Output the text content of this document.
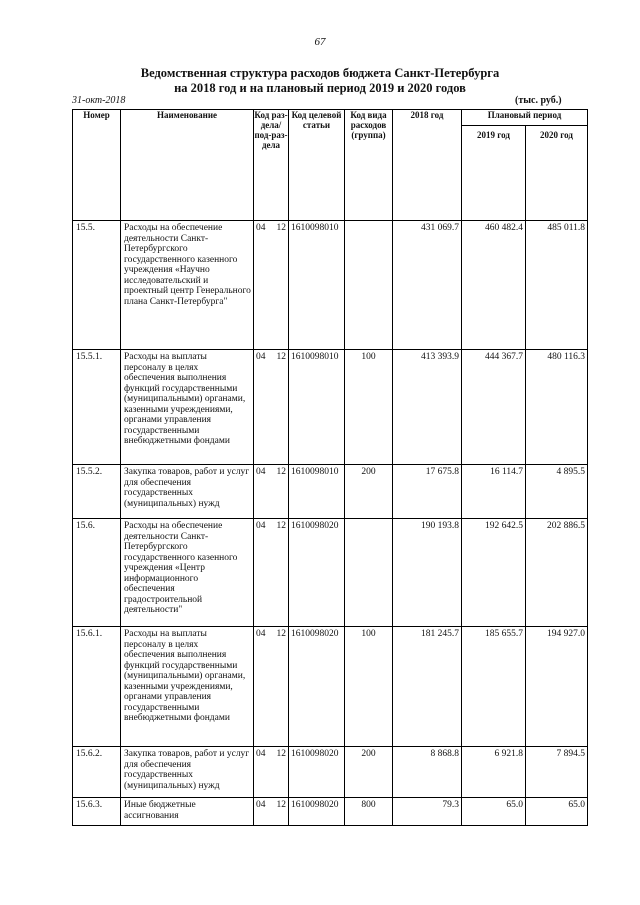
67
Ведомственная структура расходов бюджета Санкт-Петербурга
на 2018 год и на плановый период 2019 и 2020 годов
31-окт-2018	(тыс. руб.)
Номер	Наименование	Код раз-дела/ под-раз-дела	Код целевой статьи	Код вида расходов (группа)	2018 год	Плановый период	
						2019 год	2020 год
15.5.	Расходы на обеспечение деятельности Санкт-Петербургского государственного казенного учреждения «Научно исследовательский и проектный центр Генерального плана Санкт-Петербурга"	04 12	1610098010		431 069.7	460 482.4	485 011.8
15.5.1.	Расходы на выплаты персоналу в целях обеспечения выполнения функций государственными (муниципальными) органами, казенными учреждениями, органами управления государственными внебюджетными фондами	04 12	1610098010	100	413 393.9	444 367.7	480 116.3
15.5.2.	Закупка товаров, работ и услуг для обеспечения государственных (муниципальных) нужд	04 12	1610098010	200	17 675.8	16 114.7	4 895.5
15.6.	Расходы на обеспечение деятельности Санкт-Петербургского государственного казенного учреждения «Центр информационного обеспечения градостроительной деятельности"	04 12	1610098020		190 193.8	192 642.5	202 886.5
15.6.1.	Расходы на выплаты персоналу в целях обеспечения выполнения функций государственными (муниципальными) органами, казенными учреждениями, органами управления государственными внебюджетными фондами	04 12	1610098020	100	181 245.7	185 655.7	194 927.0
15.6.2.	Закупка товаров, работ и услуг для обеспечения государственных (муниципальных) нужд	04 12	1610098020	200	8 868.8	6 921.8	7 894.5
15.6.3.	Иные бюджетные ассигнования	04 12	1610098020	800	79.3	65.0	65.0
